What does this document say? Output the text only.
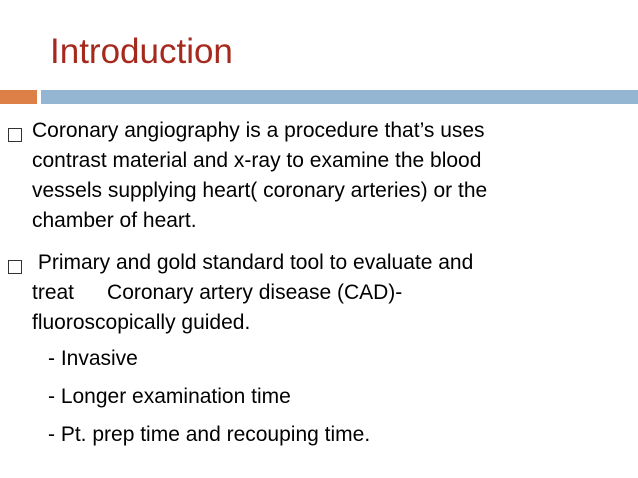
Introduction
Coronary angiography is a procedure that’s uses
contrast material and x-ray to examine the blood
vessels supplying heart( coronary arteries) or the
chamber of heart.
Primary and gold standard tool to evaluate and
treat Coronary artery disease (CAD)-
fluoroscopically guided.
- Invasive
- Longer examination time
- Pt. prep time and recouping time.
